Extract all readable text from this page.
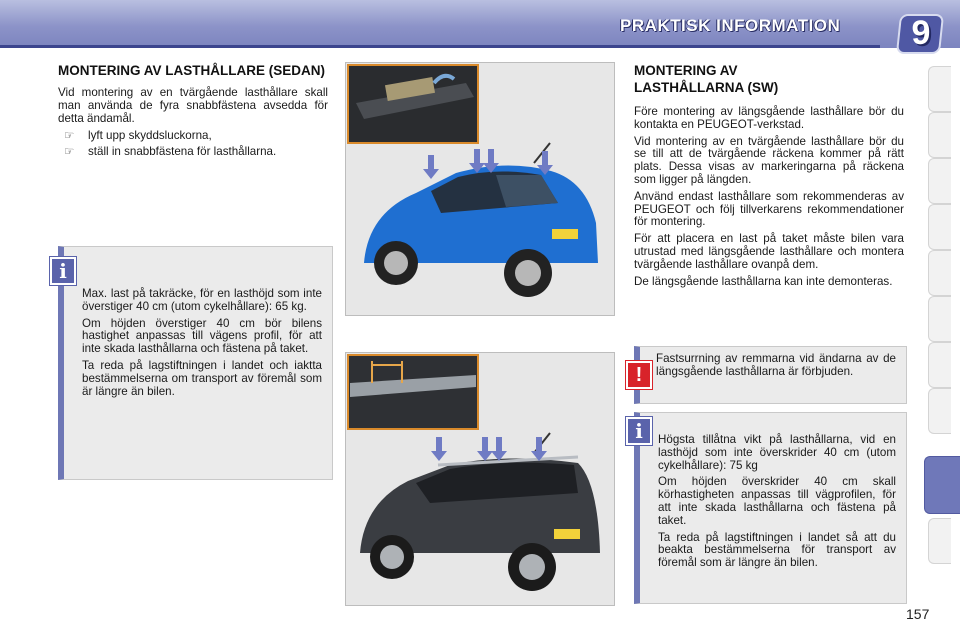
PRAKTISK INFORMATION 9
MONTERING AV LASTHÅLLARE (SEDAN)

Vid montering av en tvärgående lasthållare skall man använda de fyra snabbfästena avsedda för detta ändamål.

☞	lyft upp skyddsluckorna,
☞	ställ in snabbfästena för lasthållarna.
i

Max. last på takräcke, för en lasthöjd som inte överstiger 40 cm (utom cykelhållare): 65 kg.

Om höjden överstiger 40 cm bör bilens hastighet anpassas till vägens profil, för att inte skada lasthållarna och fästena på taket.

Ta reda på lagstiftningen i landet och iaktta bestämmelserna om transport av föremål som är längre än bilen.

MONTERING AV LASTHÅLLARNA (SW)

Före montering av längsgående lasthållare bör du kontakta en PEUGEOT-verkstad.

Vid montering av en tvärgående lasthållare bör du se till att de tvärgående räckena kommer på rätt plats. Dessa visas av markeringarna på räckena som ligger på längden.

Använd endast lasthållare som rekommenderas av PEUGEOT och följ tillverkarens rekommendationer för montering.

För att placera en last på taket måste bilen vara utrustad med längsgående lasthållare och montera tvärgående lasthållare ovanpå dem.

De längsgående lasthållarna kan inte demonteras.

!

Fastsurrning av remmarna vid ändarna av de längsgående lasthållarna är förbjuden.

i	Högsta tillåtna vikt på lasthållarna, vid en lasthöjd som inte överskrider 40 cm (utom cykelhållare): 75 kg

Om höjden överskrider 40 cm skall körhastigheten anpassas till vägprofilen, för att inte skada lasthållarna och fästena på taket.

Ta reda på lagstiftningen i landet så att du beakta bestämmelserna för transport av föremål som är längre än bilen.

157
